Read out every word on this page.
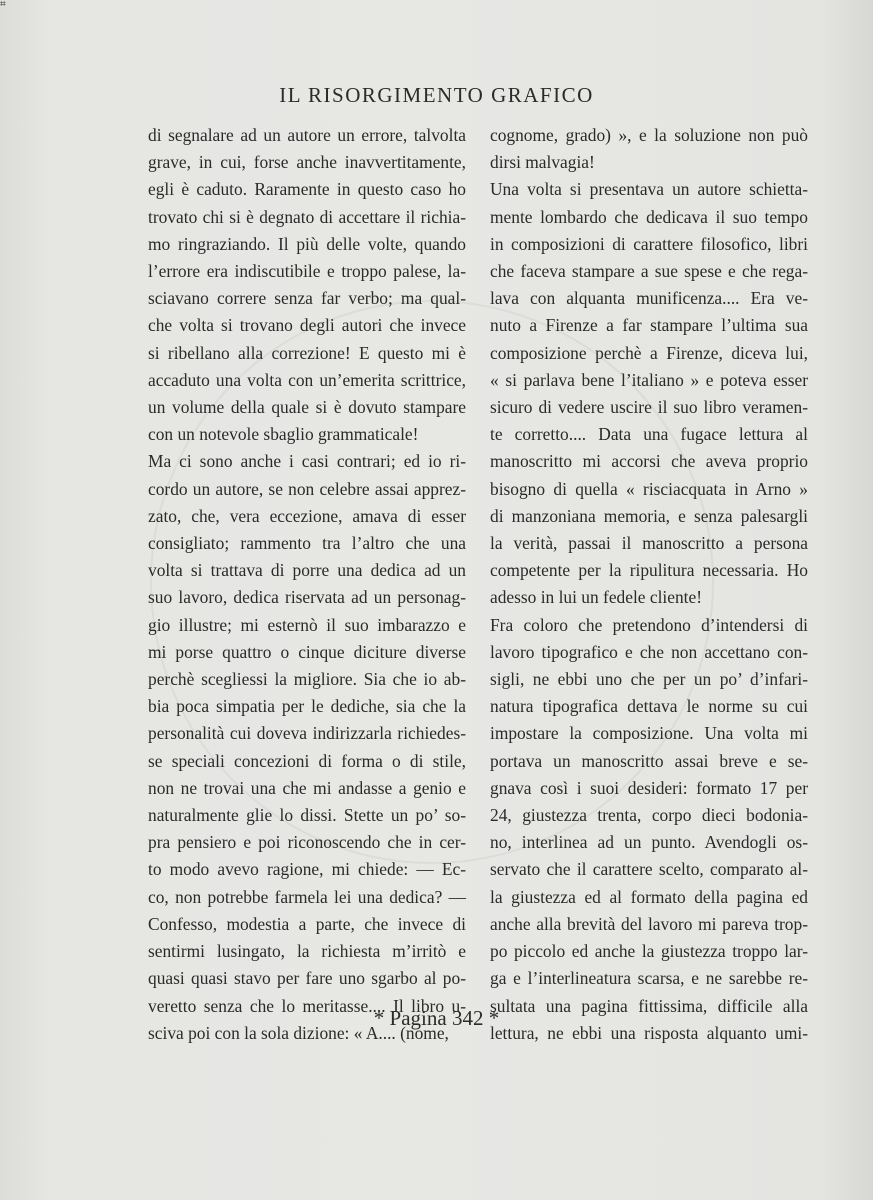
⌗
IL RISORGIMENTO GRAFICO
di segnalare ad un autore un errore, talvolta
grave, in cui, forse anche inavvertitamente,
egli è caduto. Raramente in questo caso ho
trovato chi si è degnato di accettare il richia-
mo ringraziando. Il più delle volte, quando
l’errore era indiscutibile e troppo palese, la-
sciavano correre senza far verbo; ma qual-
che volta si trovano degli autori che invece
si ribellano alla correzione! E questo mi è
accaduto una volta con un’emerita scrittrice,
un volume della quale si è dovuto stampare
con un notevole sbaglio grammaticale!
Ma ci sono anche i casi contrari; ed io ri-
cordo un autore, se non celebre assai apprez-
zato, che, vera eccezione, amava di esser
consigliato; rammento tra l’altro che una
volta si trattava di porre una dedica ad un
suo lavoro, dedica riservata ad un personag-
gio illustre; mi esternò il suo imbarazzo e
mi porse quattro o cinque diciture diverse
perchè scegliessi la migliore. Sia che io ab-
bia poca simpatia per le dediche, sia che la
personalità cui doveva indirizzarla richiedes-
se speciali concezioni di forma o di stile,
non ne trovai una che mi andasse a genio e
naturalmente glie lo dissi. Stette un po’ so-
pra pensiero e poi riconoscendo che in cer-
to modo avevo ragione, mi chiede: — Ec-
co, non potrebbe farmela lei una dedica? —
Confesso, modestia a parte, che invece di
sentirmi lusingato, la richiesta m’irritò e
quasi quasi stavo per fare uno sgarbo al po-
veretto senza che lo meritasse.... Il libro u-
sciva poi con la sola dizione: « A.... (nome,
cognome, grado) », e la soluzione non può
dirsi malvagia!
Una volta si presentava un autore schietta-
mente lombardo che dedicava il suo tempo
in composizioni di carattere filosofico, libri
che faceva stampare a sue spese e che rega-
lava con alquanta munificenza.... Era ve-
nuto a Firenze a far stampare l’ultima sua
composizione perchè a Firenze, diceva lui,
« si parlava bene l’italiano » e poteva esser
sicuro di vedere uscire il suo libro veramen-
te corretto.... Data una fugace lettura al
manoscritto mi accorsi che aveva proprio
bisogno di quella « risciacquata in Arno »
di manzoniana memoria, e senza palesargli
la verità, passai il manoscritto a persona
competente per la ripulitura necessaria. Ho
adesso in lui un fedele cliente!
Fra coloro che pretendono d’intendersi di
lavoro tipografico e che non accettano con-
sigli, ne ebbi uno che per un po’ d’infari-
natura tipografica dettava le norme su cui
impostare la composizione. Una volta mi
portava un manoscritto assai breve e se-
gnava così i suoi desideri: formato 17 per
24, giustezza trenta, corpo dieci bodonia-
no, interlinea ad un punto. Avendogli os-
servato che il carattere scelto, comparato al-
la giustezza ed al formato della pagina ed
anche alla brevità del lavoro mi pareva trop-
po piccolo ed anche la giustezza troppo lar-
ga e l’interlineatura scarsa, e ne sarebbe re-
sultata una pagina fittissima, difficile alla
lettura, ne ebbi una risposta alquanto umi-
* Pagina 342 *
